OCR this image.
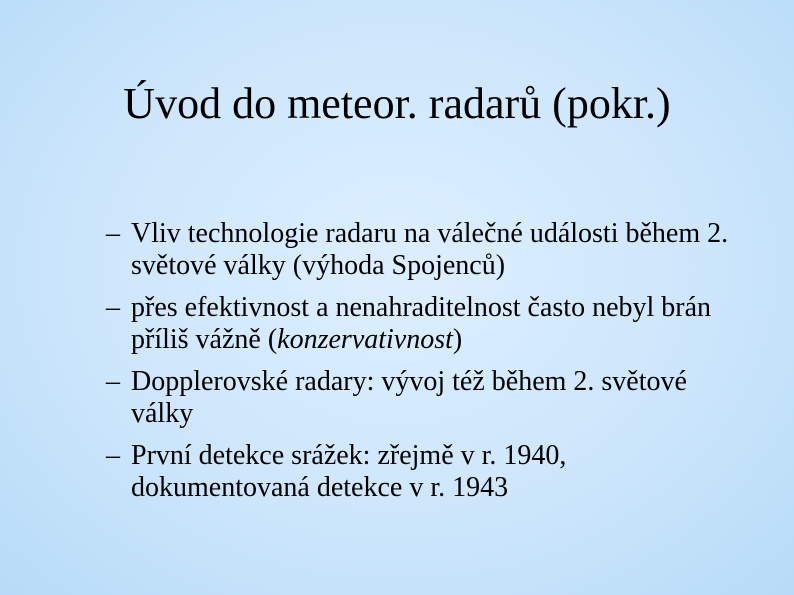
Úvod do meteor. radarů (pokr.)
– Vliv technologie radaru na válečné události během 2. světové války (výhoda Spojenců)
– přes efektivnost a nenahraditelnost často nebyl brán příliš vážně (konzervativnost)
– Dopplerovské radary: vývoj též během 2. světové války
– První detekce srážek: zřejmě v r. 1940, dokumentovaná detekce v r. 1943
